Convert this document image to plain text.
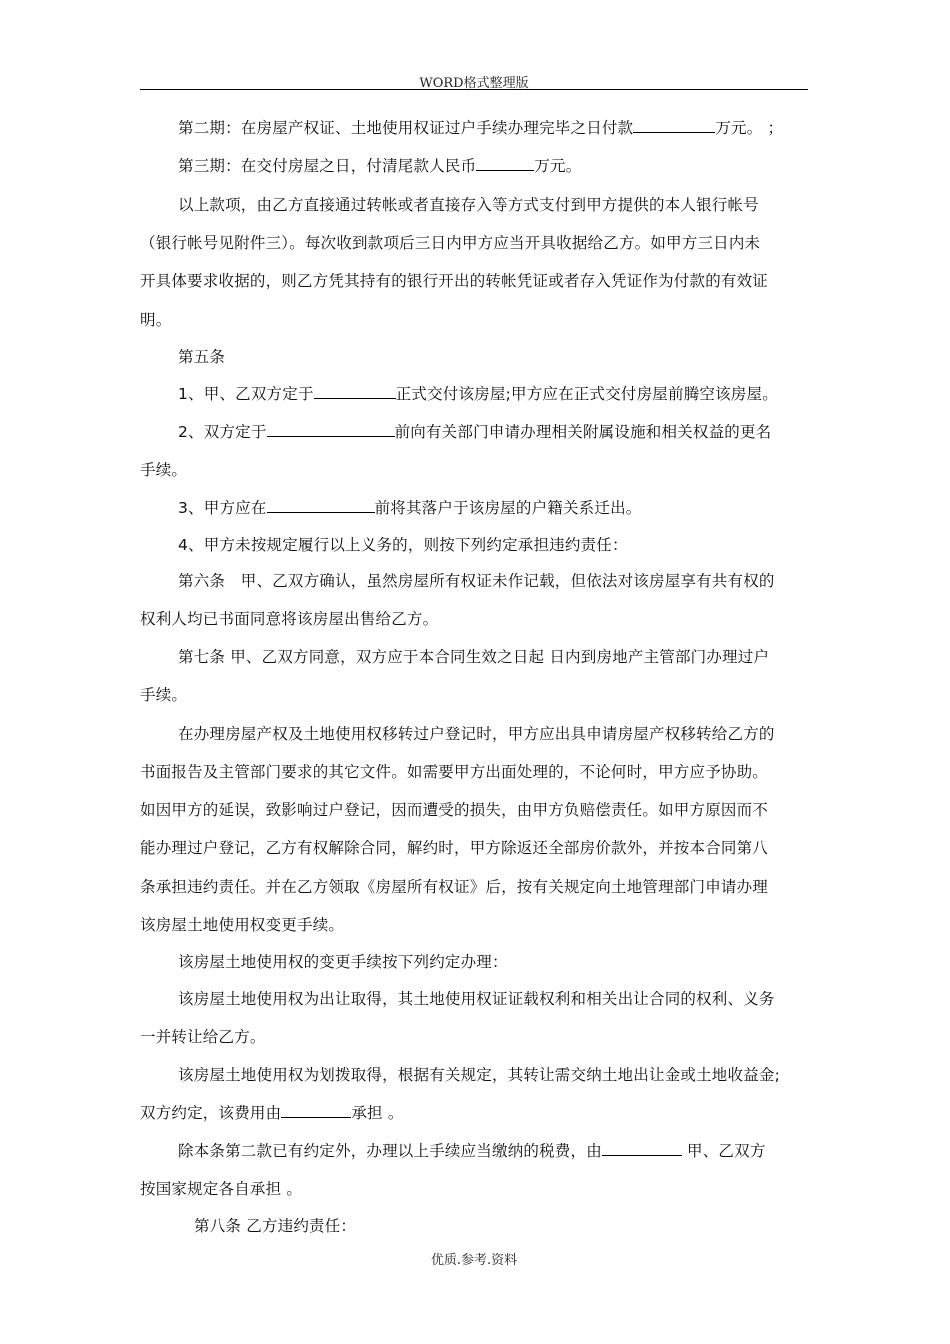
WORD格式整理版
第二期：在房屋产权证、土地使用权证过户手续办理完毕之日付款	万元。 ；
第三期：在交付房屋之日，付清尾款人民币	万元。
以上款项，由乙方直接通过转帐或者直接存入等方式支付到甲方提供的本人银行帐号
（银行帐号见附件三）。每次收到款项后三日内甲方应当开具收据给乙方。如甲方三日内未
开具体要求收据的，则乙方凭其持有的银行开出的转帐凭证或者存入凭证作为付款的有效证
明。
第五条
1、甲、乙双方定于	正式交付该房屋;甲方应在正式交付房屋前腾空该房屋。
2、双方定于	前向有关部门申请办理相关附属设施和相关权益的更名
手续。
3、甲方应在	前将其落户于该房屋的户籍关系迁出。
4、甲方未按规定履行以上义务的，则按下列约定承担违约责任：
第六条　甲、乙双方确认，虽然房屋所有权证未作记载，但依法对该房屋享有共有权的
权利人均已书面同意将该房屋出售给乙方。
第七条 甲、乙双方同意，双方应于本合同生效之日起 日内到房地产主管部门办理过户
手续。
在办理房屋产权及土地使用权移转过户登记时，甲方应出具申请房屋产权移转给乙方的
书面报告及主管部门要求的其它文件。如需要甲方出面处理的，不论何时，甲方应予协助。
如因甲方的延误，致影响过户登记，因而遭受的损失，由甲方负赔偿责任。如甲方原因而不
能办理过户登记，乙方有权解除合同，解约时，甲方除返还全部房价款外，并按本合同第八
条承担违约责任。并在乙方领取《房屋所有权证》后，按有关规定向土地管理部门申请办理
该房屋土地使用权变更手续。
该房屋土地使用权的变更手续按下列约定办理：
该房屋土地使用权为出让取得，其土地使用权证证载权利和相关出让合同的权利、义务
一并转让给乙方。
该房屋土地使用权为划拨取得，根据有关规定，其转让需交纳土地出让金或土地收益金;
双方约定，该费用由	承担 。
除本条第二款已有约定外，办理以上手续应当缴纳的税费，由	甲、乙双方
按国家规定各自承担 。
第八条 乙方违约责任：
优质.参考.资料
